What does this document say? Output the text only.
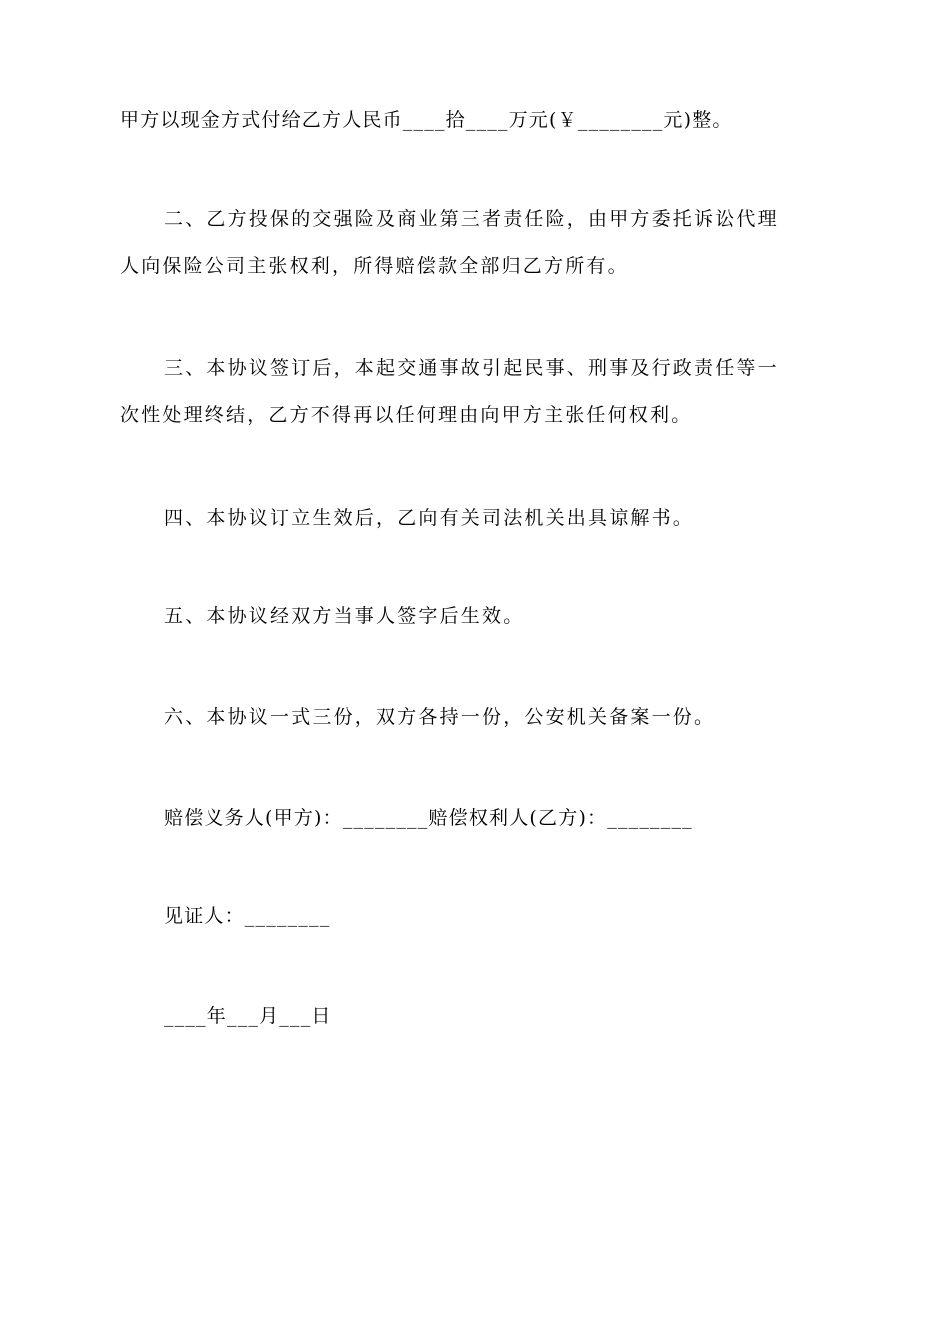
甲方以现金方式付给乙方人民币____拾____万元(￥________元)整。

二、乙方投保的交强险及商业第三者责任险，由甲方委托诉讼代理
人向保险公司主张权利，所得赔偿款全部归乙方所有。

三、本协议签订后，本起交通事故引起民事、刑事及行政责任等一
次性处理终结，乙方不得再以任何理由向甲方主张任何权利。

四、本协议订立生效后，乙向有关司法机关出具谅解书。

五、本协议经双方当事人签字后生效。

六、本协议一式三份，双方各持一份，公安机关备案一份。

赔偿义务人(甲方)：________赔偿权利人(乙方)：________

见证人：________

____年___月___日
